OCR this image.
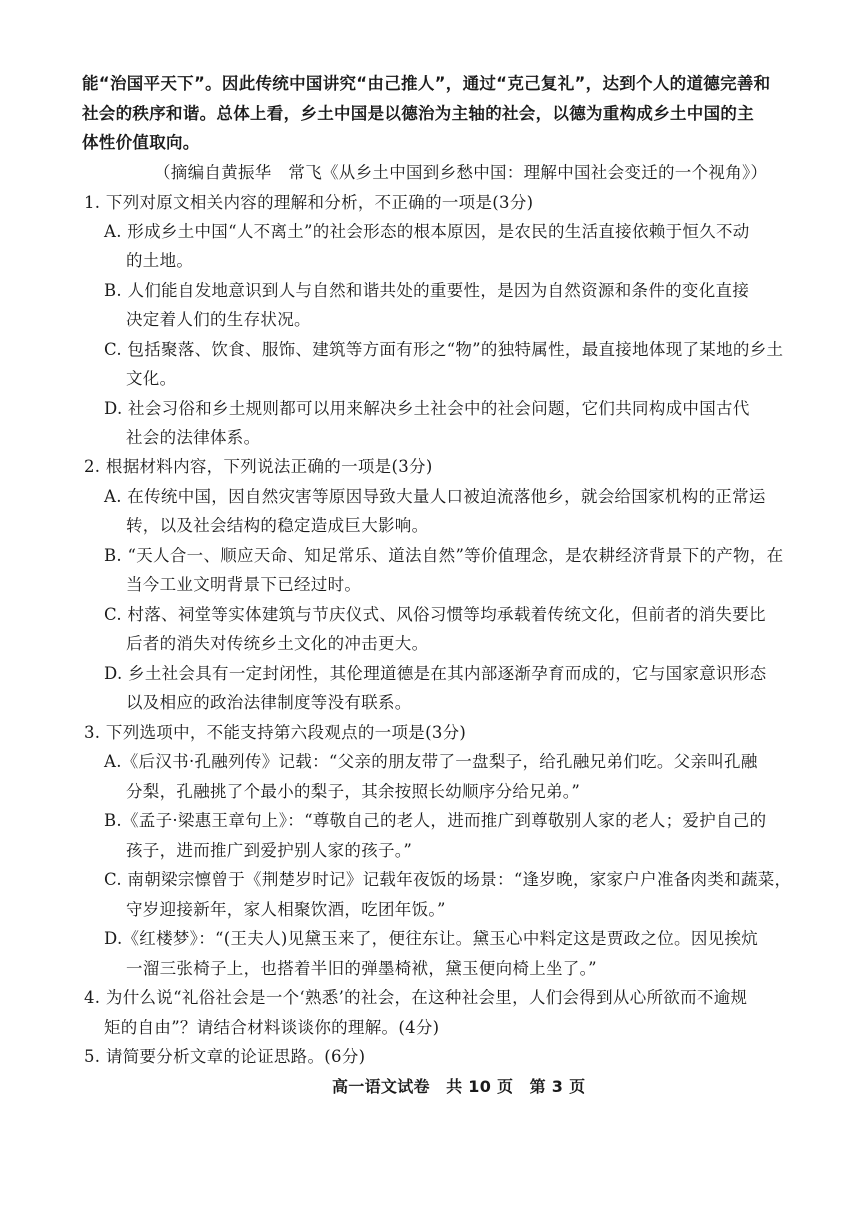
能“治国平天下”。因此传统中国讲究“由己推人”，通过“克己复礼”，达到个人的道德完善和
社会的秩序和谐。总体上看，乡土中国是以德治为主轴的社会，以德为重构成乡土中国的主
体性价值取向。
（摘编自黄振华　常飞《从乡土中国到乡愁中国：理解中国社会变迁的一个视角》）
1. 下列对原文相关内容的理解和分析，不正确的一项是(3分)
A. 形成乡土中国“人不离土”的社会形态的根本原因，是农民的生活直接依赖于恒久不动
的土地。
B. 人们能自发地意识到人与自然和谐共处的重要性，是因为自然资源和条件的变化直接
决定着人们的生存状况。
C. 包括聚落、饮食、服饰、建筑等方面有形之“物”的独特属性，最直接地体现了某地的乡土
文化。
D. 社会习俗和乡土规则都可以用来解决乡土社会中的社会问题，它们共同构成中国古代
社会的法律体系。
2. 根据材料内容，下列说法正确的一项是(3分)
A. 在传统中国，因自然灾害等原因导致大量人口被迫流落他乡，就会给国家机构的正常运
转，以及社会结构的稳定造成巨大影响。
B. “天人合一、顺应天命、知足常乐、道法自然”等价值理念，是农耕经济背景下的产物，在
当今工业文明背景下已经过时。
C. 村落、祠堂等实体建筑与节庆仪式、风俗习惯等均承载着传统文化，但前者的消失要比
后者的消失对传统乡土文化的冲击更大。
D. 乡土社会具有一定封闭性，其伦理道德是在其内部逐渐孕育而成的，它与国家意识形态
以及相应的政治法律制度等没有联系。
3. 下列选项中，不能支持第六段观点的一项是(3分)
A.《后汉书·孔融列传》记载：“父亲的朋友带了一盘梨子，给孔融兄弟们吃。父亲叫孔融
分梨，孔融挑了个最小的梨子，其余按照长幼顺序分给兄弟。”
B.《孟子·梁惠王章句上》：“尊敬自己的老人，进而推广到尊敬别人家的老人；爱护自己的
孩子，进而推广到爱护别人家的孩子。”
C. 南朝梁宗懔曾于《荆楚岁时记》记载年夜饭的场景：“逢岁晚，家家户户准备肉类和蔬菜，
守岁迎接新年，家人相聚饮酒，吃团年饭。”
D.《红楼梦》：“(王夫人)见黛玉来了，便往东让。黛玉心中料定这是贾政之位。因见挨炕
一溜三张椅子上，也搭着半旧的弹墨椅袱，黛玉便向椅上坐了。”
4. 为什么说“礼俗社会是一个‘熟悉’的社会，在这种社会里，人们会得到从心所欲而不逾规
矩的自由”？请结合材料谈谈你的理解。(4分)
5. 请简要分析文章的论证思路。(6分)
高一语文试卷　共 10 页　第 3 页
